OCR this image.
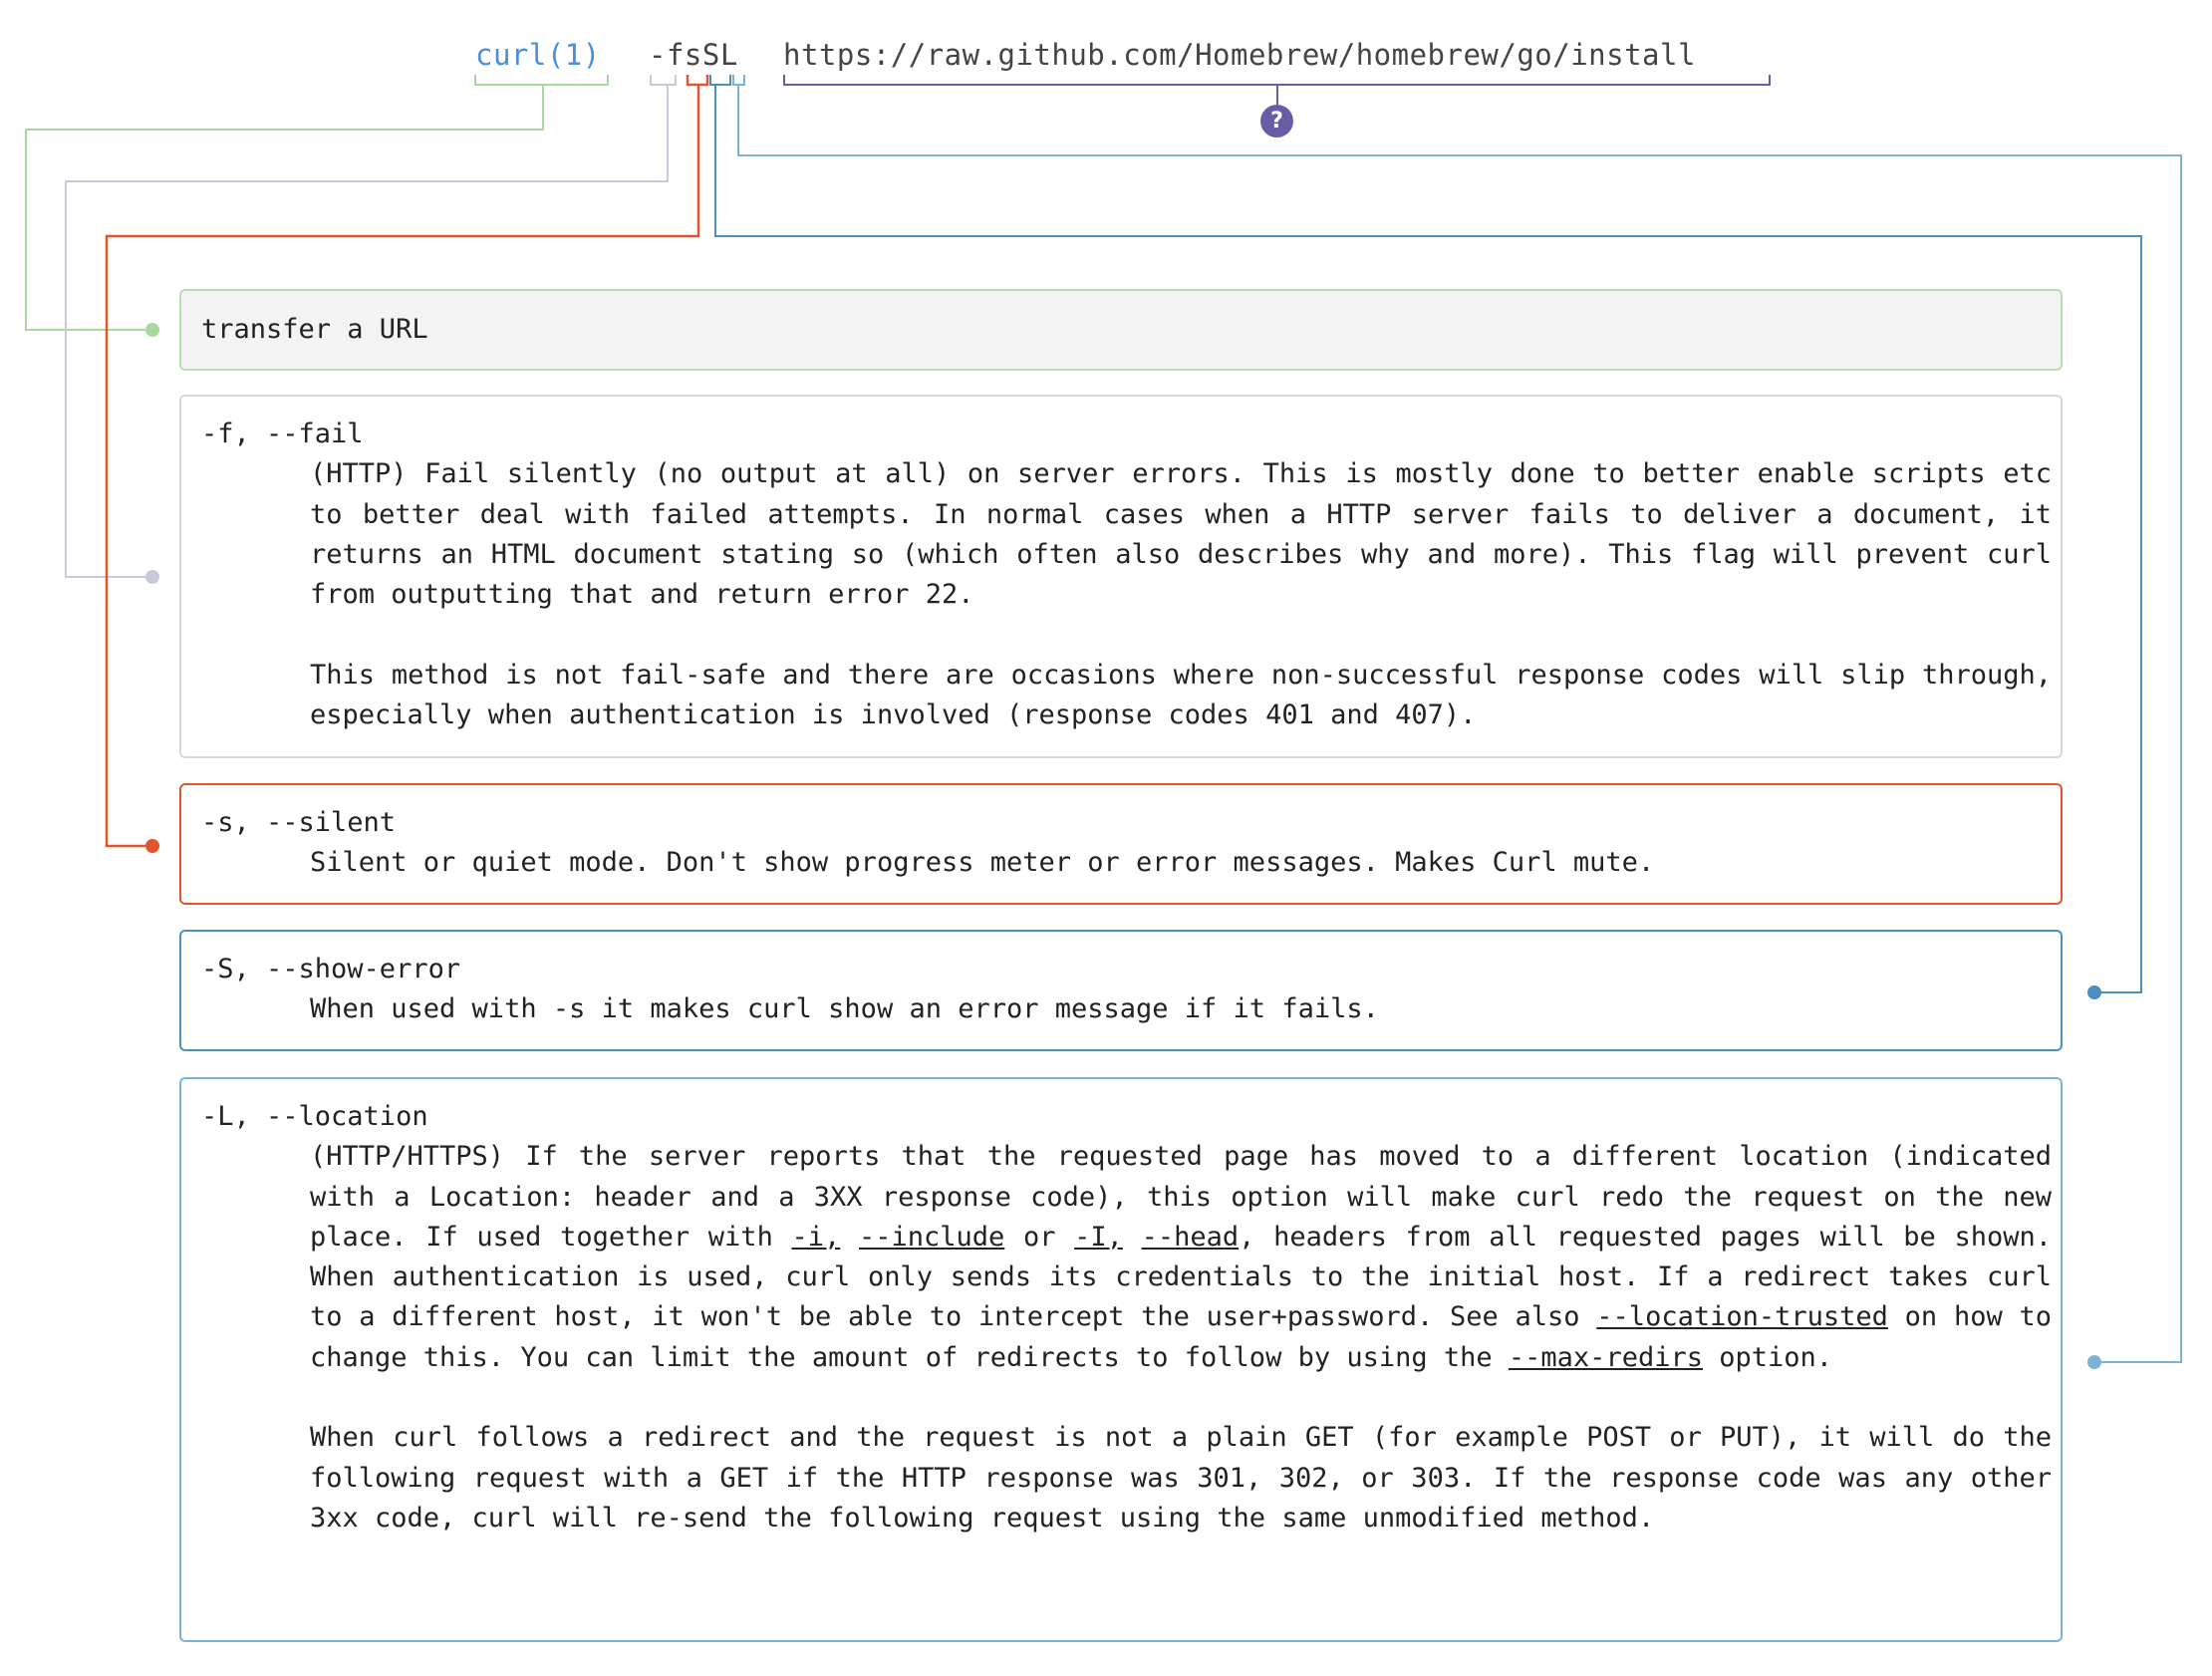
curl(1) -fsSL https://raw.github.com/Homebrew/homebrew/go/install
?
transfer a URL
-f, --fail

(HTTP) Fail silently (no output at all) on server errors. This is mostly done to better enable scripts etc to better deal with failed attempts. In normal cases when a HTTP server fails to deliver a document, it returns an HTML document stating so (which often also describes why and more). This flag will prevent curl from outputting that and return error 22.

This method is not fail-safe and there are occasions where non-successful response codes will slip through, especially when authentication is involved (response codes 401 and 407).

-s, --silent

Silent or quiet mode. Don't show progress meter or error messages. Makes Curl mute.

-S, --show-error

When used with -s it makes curl show an error message if it fails.

-L, --location

(HTTP/HTTPS) If the server reports that the requested page has moved to a different location (indicated with a Location: header and a 3XX response code), this option will make curl redo the request on the new place. If used together with -i, --include or -I, --head, headers from all requested pages will be shown. When authentication is used, curl only sends its credentials to the initial host. If a redirect takes curl to a different host, it won't be able to intercept the user+password. See also --location-trusted on how to change this. You can limit the amount of redirects to follow by using the --max-redirs option.

When curl follows a redirect and the request is not a plain GET (for example POST or PUT), it will do the following request with a GET if the HTTP response was 301, 302, or 303. If the response code was any other 3xx code, curl will re-send the following request using the same unmodified method.
